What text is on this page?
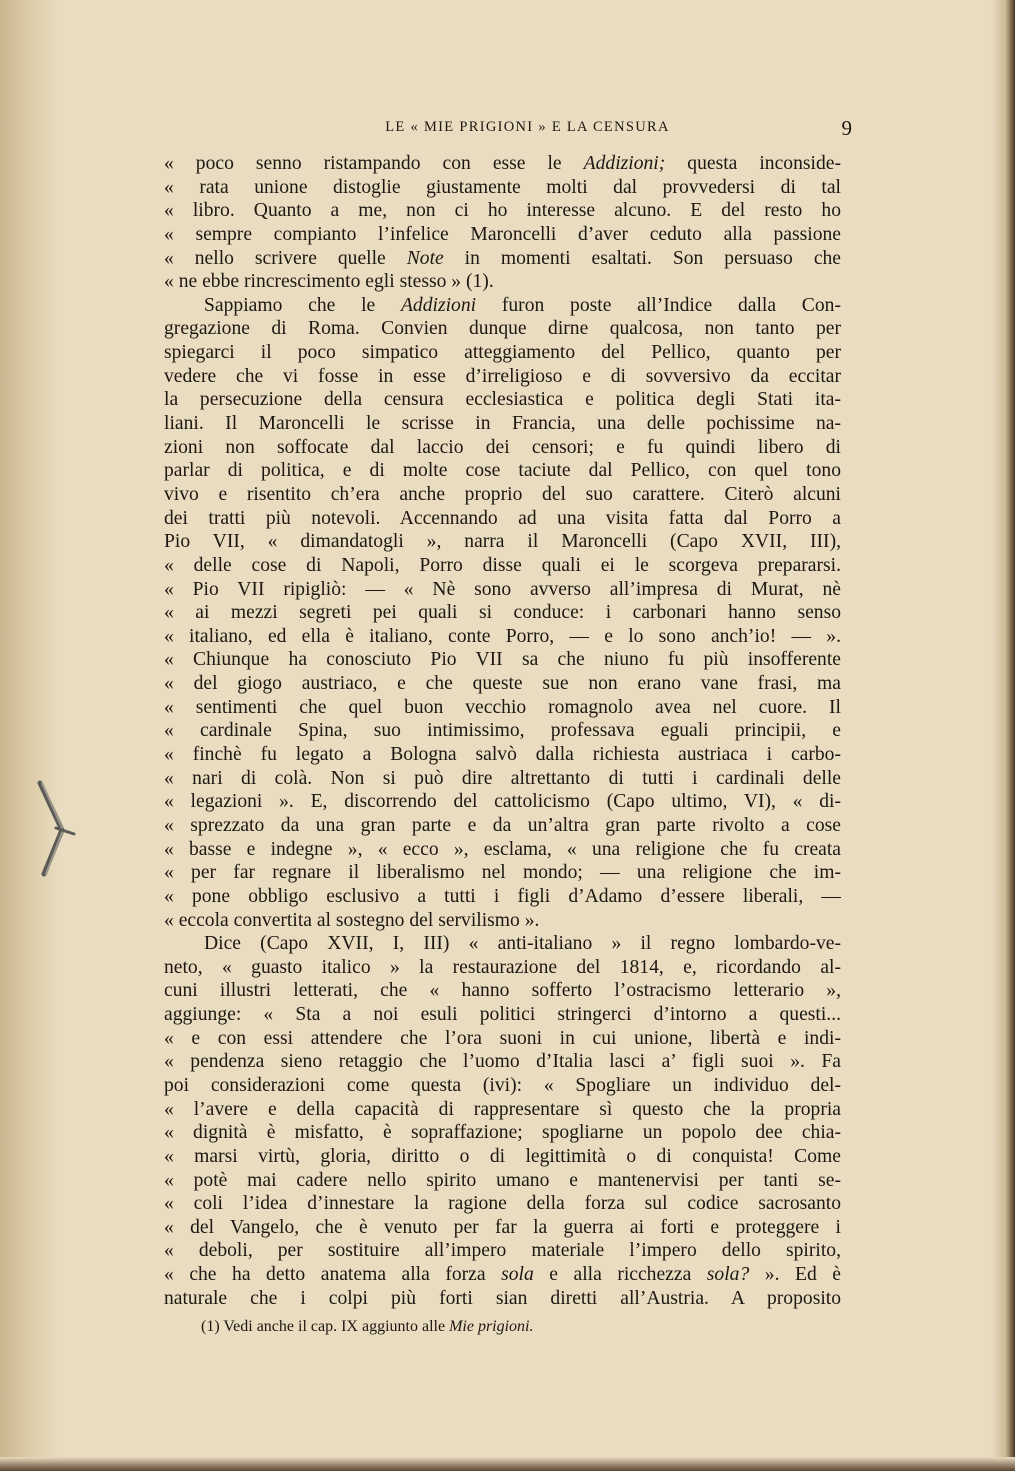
LE « MIE PRIGIONI » E LA CENSURA	9
« poco senno ristampando con esse le Addizioni; questa inconside-
« rata unione distoglie giustamente molti dal provvedersi di tal
« libro. Quanto a me, non ci ho interesse alcuno. E del resto ho
« sempre compianto l’infelice Maroncelli d’aver ceduto alla passione
« nello scrivere quelle Note in momenti esaltati. Son persuaso che
« ne ebbe rincrescimento egli stesso » (1).
Sappiamo che le Addizioni furon poste all’Indice dalla Con-
gregazione di Roma. Convien dunque dirne qualcosa, non tanto per
spiegarci il poco simpatico atteggiamento del Pellico, quanto per
vedere che vi fosse in esse d’irreligioso e di sovversivo da eccitar
la persecuzione della censura ecclesiastica e politica degli Stati ita-
liani. Il Maroncelli le scrisse in Francia, una delle pochissime na-
zioni non soffocate dal laccio dei censori; e fu quindi libero di
parlar di politica, e di molte cose taciute dal Pellico, con quel tono
vivo e risentito ch’era anche proprio del suo carattere. Citerò alcuni
dei tratti più notevoli. Accennando ad una visita fatta dal Porro a
Pio VII, « dimandatogli », narra il Maroncelli (Capo XVII, III),
« delle cose di Napoli, Porro disse quali ei le scorgeva prepararsi.
« Pio VII ripigliò: — « Nè sono avverso all’impresa di Murat, nè
« ai mezzi segreti pei quali si conduce: i carbonari hanno senso
« italiano, ed ella è italiano, conte Porro, — e lo sono anch’io! — ».
« Chiunque ha conosciuto Pio VII sa che niuno fu più insofferente
« del giogo austriaco, e che queste sue non erano vane frasi, ma
« sentimenti che quel buon vecchio romagnolo avea nel cuore. Il
« cardinale Spina, suo intimissimo, professava eguali principii, e
« finchè fu legato a Bologna salvò dalla richiesta austriaca i carbo-
« nari di colà. Non si può dire altrettanto di tutti i cardinali delle
« legazioni ». E, discorrendo del cattolicismo (Capo ultimo, VI), « di-
« sprezzato da una gran parte e da un’altra gran parte rivolto a cose
« basse e indegne », « ecco », esclama, « una religione che fu creata
« per far regnare il liberalismo nel mondo; — una religione che im-
« pone obbligo esclusivo a tutti i figli d’Adamo d’essere liberali, —
« eccola convertita al sostegno del servilismo ».
Dice (Capo XVII, I, III) « anti-italiano » il regno lombardo-ve-
neto, « guasto italico » la restaurazione del 1814, e, ricordando al-
cuni illustri letterati, che « hanno sofferto l’ostracismo letterario »,
aggiunge: « Sta a noi esuli politici stringerci d’intorno a questi...
« e con essi attendere che l’ora suoni in cui unione, libertà e indi-
« pendenza sieno retaggio che l’uomo d’Italia lasci a’ figli suoi ». Fa
poi considerazioni come questa (ivi): « Spogliare un individuo del-
« l’avere e della capacità di rappresentare sì questo che la propria
« dignità è misfatto, è sopraffazione; spogliarne un popolo dee chia-
« marsi virtù, gloria, diritto o di legittimità o di conquista! Come
« potè mai cadere nello spirito umano e mantenervisi per tanti se-
« coli l’idea d’innestare la ragione della forza sul codice sacrosanto
« del Vangelo, che è venuto per far la guerra ai forti e proteggere i
« deboli, per sostituire all’impero materiale l’impero dello spirito,
« che ha detto anatema alla forza sola e alla ricchezza sola? ». Ed è
naturale che i colpi più forti sian diretti all’Austria. A proposito
(1) Vedi anche il cap. IX aggiunto alle Mie prigioni.
